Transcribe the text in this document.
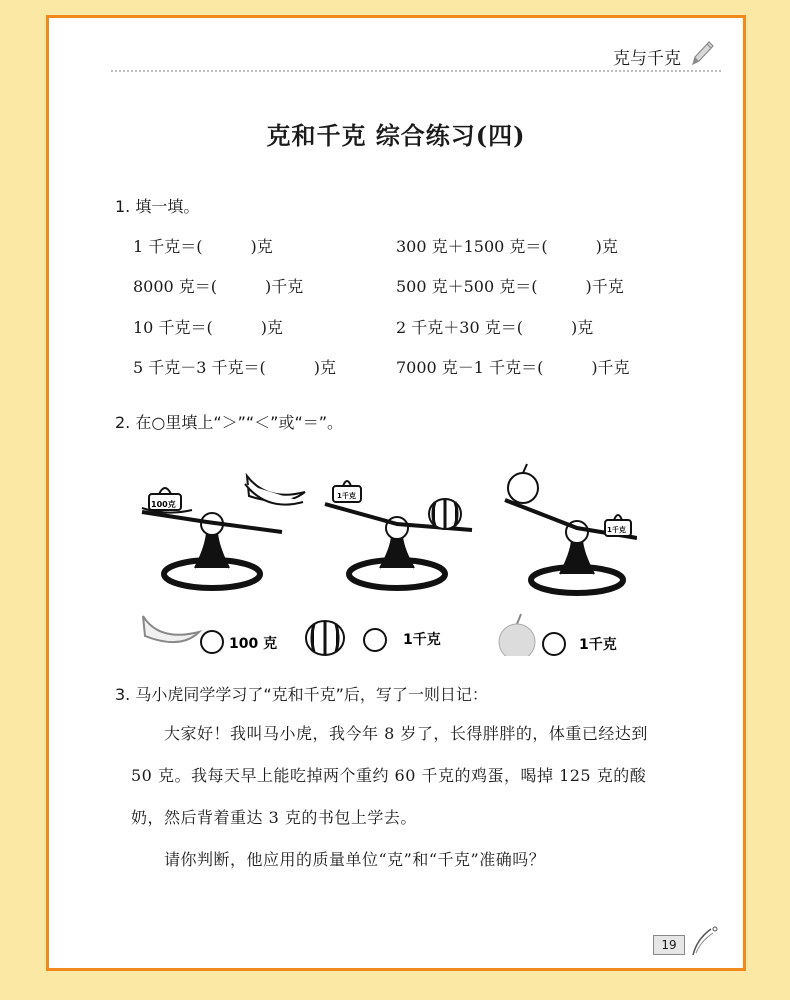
克与千克
克和千克 综合练习(四)
1. 填一填。
1 千克＝(　　　)克
8000 克＝(　　　)千克
10 千克＝(　　　)克
5 千克－3 千克＝(　　　)克
300 克＋1500 克＝(　　　)克
500 克＋500 克＝(　　　)千克
2 千克＋30 克＝(　　　)克
7000 克－1 千克＝(　　　)千克
2. 在○里填上“＞”“＜”或“＝”。
100克
1千克
1千克
100 克	1千克	1千克
3. 马小虎同学学习了“克和千克”后，写了一则日记：
　　大家好！我叫马小虎，我今年 8 岁了，长得胖胖的，体重已经达到
50 克。我每天早上能吃掉两个重约 60 千克的鸡蛋，喝掉 125 克的酸
奶，然后背着重达 3 克的书包上学去。
　　请你判断，他应用的质量单位“克”和“千克”准确吗？
19
